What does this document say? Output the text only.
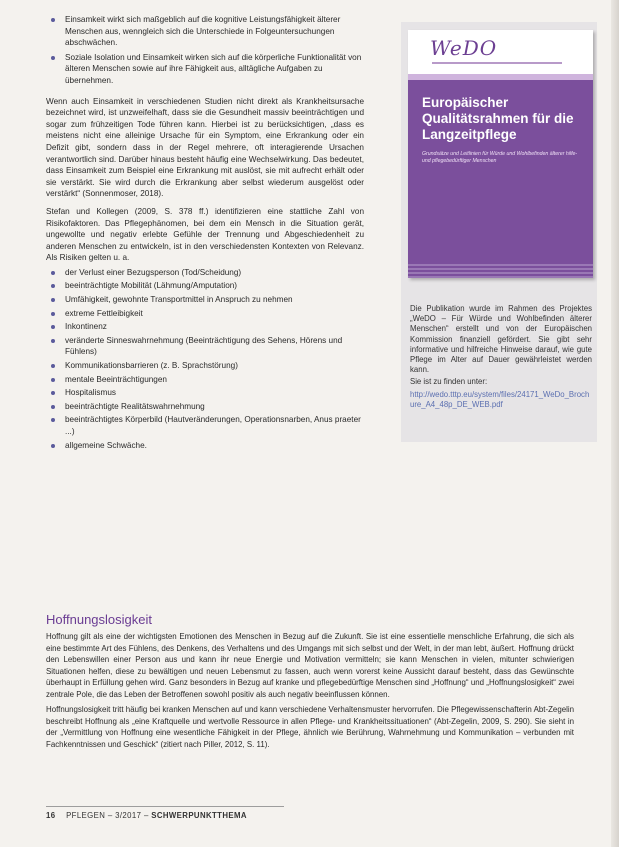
Einsamkeit wirkt sich maßgeblich auf die kognitive Leistungsfähigkeit älterer Menschen aus, wenngleich sich die Unterschiede in Folgeuntersuchungen abschwächen.
Soziale Isolation und Einsamkeit wirken sich auf die körperliche Funktionalität von älteren Menschen sowie auf ihre Fähigkeit aus, alltägliche Aufgaben zu übernehmen.

Wenn auch Einsamkeit in verschiedenen Studien nicht direkt als Krankheitsursache bezeichnet wird, ist unzweifelhaft, dass sie die Gesundheit massiv beeinträchtigen und sogar zum frühzeitigen Tode führen kann. Hierbei ist zu berücksichtigen, „dass es meistens nicht eine alleinige Ursache für ein Symptom, eine Erkrankung oder ein Defizit gibt, sondern dass in der Regel mehrere, oft interagierende Ursachen verantwortlich sind. Darüber hinaus besteht häufig eine Wechselwirkung. Das bedeutet, dass Einsamkeit zum Beispiel eine Erkrankung mit auslöst, sie mit aufrecht erhält oder sie verstärkt. Sie wird durch die Erkrankung aber selbst wiederum ausgelöst oder verstärkt“ (Sonnenmoser, 2018).

Stefan und Kollegen (2009, S. 378 ff.) identifizieren eine stattliche Zahl von Risikofaktoren. Das Pflegephänomen, bei dem ein Mensch in die Situation gerät, ungewollte und negativ erlebte Gefühle der Trennung und Abgeschiedenheit zu anderen Menschen zu entwickeln, ist in den verschiedensten Kontexten von Relevanz. Als Risiken gelten u. a.

der Verlust einer Bezugsperson (Tod/Scheidung)
beeinträchtigte Mobilität (Lähmung/Amputation)
Umfähigkeit, gewohnte Transportmittel in Anspruch zu nehmen
extreme Fettleibigkeit
Inkontinenz
veränderte Sinneswahrnehmung (Beeinträchtigung des Sehens, Hörens und Fühlens)
Kommunikationsbarrieren (z. B. Sprachstörung)
mentale Beeinträchtigungen
Hospitalismus
beeinträchtigte Realitätswahrnehmung
beeinträchtigtes Körperbild (Hautveränderungen, Operationsnarben, Anus praeter ...)
allgemeine Schwäche.
WeDO
Europäischer Qualitätsrahmen für die Langzeitpflege
Grundsätze und Leitlinien für Würde und Wohlbefinden älterer hilfe- und pflegebedürftiger Menschen

Die Publikation wurde im Rahmen des Projektes „WeDO – Für Würde und Wohlbefinden älterer Menschen“ erstellt und von der Europäischen Kommission finanziell gefördert. Sie gibt sehr informative und hilfreiche Hinweise darauf, wie gute Pflege im Alter auf Dauer gewährleistet werden kann.

Sie ist zu finden unter:

http://wedo.tttp.eu/system/files/24171_WeDo_Brochure_A4_48p_DE_WEB.pdf

Hoffnungslosigkeit

Hoffnung gilt als eine der wichtigsten Emotionen des Menschen in Bezug auf die Zukunft. Sie ist eine essentielle menschliche Erfahrung, die sich als eine bestimmte Art des Fühlens, des Denkens, des Verhaltens und des Umgangs mit sich selbst und der Welt, in der man lebt, äußert. Hoffnung drückt den Lebenswillen einer Person aus und kann ihr neue Energie und Motivation vermitteln; sie kann Menschen in vielen, mitunter schwierigen Situationen helfen, diese zu bewältigen und neuen Lebensmut zu fassen, auch wenn vorerst keine Aussicht darauf besteht, dass das Gewünschte überhaupt in Erfüllung gehen wird. Ganz besonders in Bezug auf kranke und pflegebedürftige Menschen sind „Hoffnung“ und „Hoffnungslosigkeit“ zwei zentrale Pole, die das Leben der Betroffenen sowohl positiv als auch negativ beeinflussen können.

Hoffnungslosigkeit tritt häufig bei kranken Menschen auf und kann verschiedene Verhaltensmuster hervorrufen. Die Pflegewissenschafterin Abt-Zegelin beschreibt Hoffnung als „eine Kraftquelle und wertvolle Ressource in allen Pflege- und Krankheitssituationen“ (Abt-Zegelin, 2009, S. 290). Sie sieht in der „Vermittlung von Hoffnung eine wesentliche Fähigkeit in der Pflege, ähnlich wie Berührung, Wahrnehmung und Kommunikation – verbunden mit Fachkenntnissen und Geschick“ (zitiert nach Piller, 2012, S. 11).

16 PFLEGEN – 3/2017 – SCHWERPUNKTTHEMA
